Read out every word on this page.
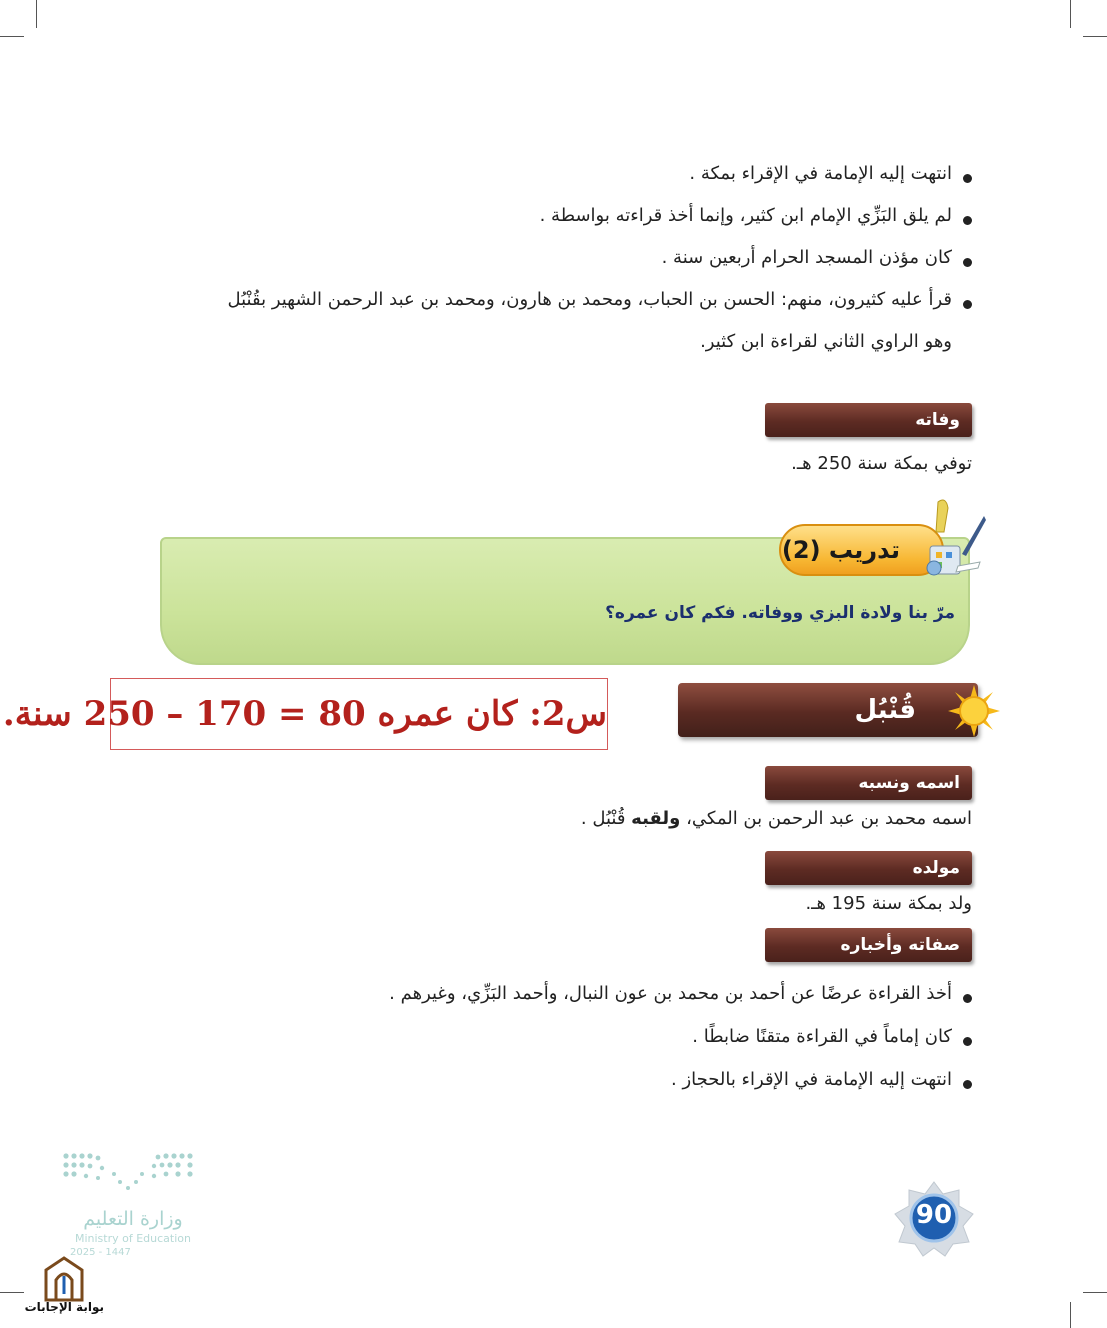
انتهت إليه الإمامة في الإقراء بمكة .
لم يلق البَزِّي الإمام ابن كثير، وإنما أخذ قراءته بواسطة .
كان مؤذن المسجد الحرام أربعين سنة .
قرأ عليه كثيرون، منهم: الحسن بن الحباب، ومحمد بن هارون، ومحمد بن عبد الرحمن الشهير بقُنْبُل
وهو الراوي الثاني لقراءة ابن كثير.
وفاته
توفي بمكة سنة 250 هـ.
تدريب (2)
مرّ بنا ولادة البزي ووفاته. فكم كان عمره؟
س2: كان عمره 80 = 170 – 250 سنة.	قُنْبُل
اسمه ونسبه
اسمه محمد بن عبد الرحمن بن المكي، ولقبه قُنْبُل .
مولده
ولد بمكة سنة 195 هـ.
صفاته وأخباره
أخذ القراءة عرضًا عن أحمد بن محمد بن عون النبال، وأحمد البَزِّي، وغيرهم .
كان إماماً في القراءة متقنًا ضابطًا .
انتهت إليه الإمامة في الإقراء بالحجاز .
وزارة التعليم
Ministry of Education
2025 - 1447
بوابة الإجابات
90
